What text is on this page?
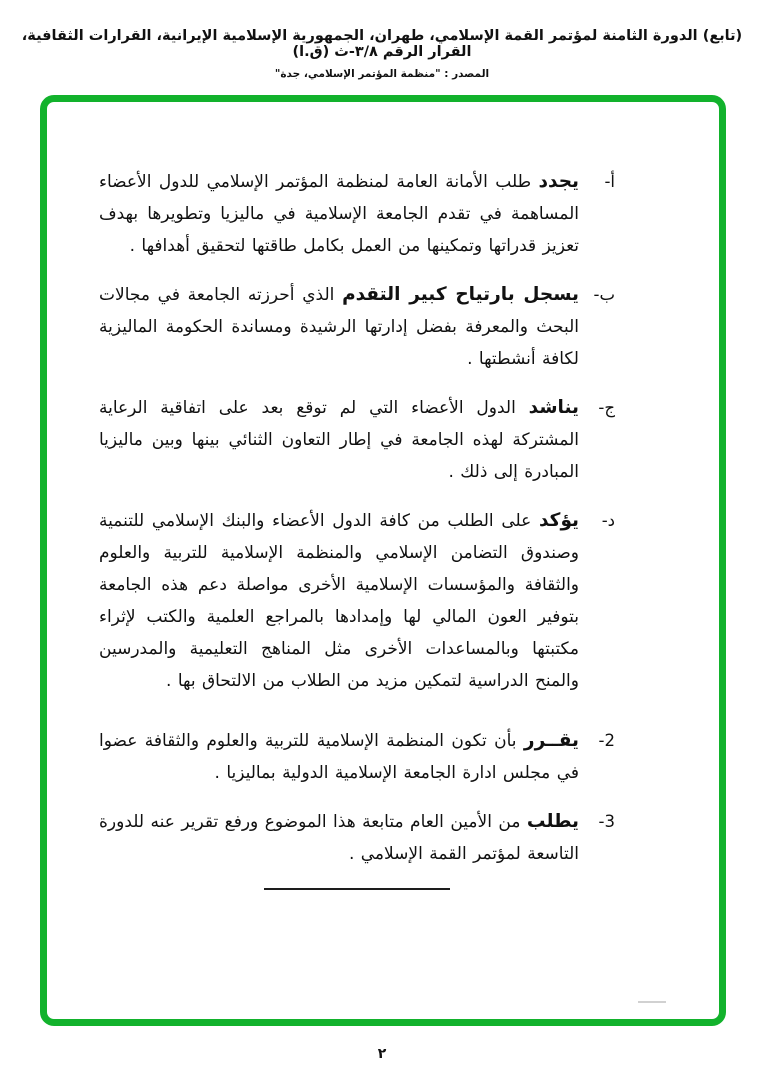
(تابع) الدورة الثامنة لمؤتمر القمة الإسلامي، طهران، الجمهورية الإسلامية الإيرانية، القرارات الثقافية، القرار الرقم ٣/٨-ث (ق.ا)
المصدر : "منظمة المؤتمر الإسلامي، جدة"
أ-
يجدد طلب الأمانة العامة لمنظمة المؤتمر الإسلامي للدول الأعضاء المساهمة في تقدم الجامعة الإسلامية في ماليزيا وتطويرها بهدف تعزيز قدراتها وتمكينها من العمل بكامل طاقتها لتحقيق أهدافها .
ب-
يسجل بارتياح كبير التقدم الذي أحرزته الجامعة في مجالات البحث والمعرفة بفضل إدارتها الرشيدة ومساندة الحكومة الماليزية لكافة أنشطتها .
ج-
يناشد الدول الأعضاء التي لم توقع بعد على اتفاقية الرعاية المشتركة لهذه الجامعة في إطار التعاون الثنائي بينها وبين ماليزيا المبادرة إلى ذلك .
د-
يؤكد على الطلب من كافة الدول الأعضاء والبنك الإسلامي للتنمية وصندوق التضامن الإسلامي والمنظمة الإسلامية للتربية والعلوم والثقافة والمؤسسات الإسلامية الأخرى مواصلة دعم هذه الجامعة بتوفير العون المالي لها وإمدادها بالمراجع العلمية والكتب لإثراء مكتبتها وبالمساعدات الأخرى مثل المناهج التعليمية والمدرسين والمنح الدراسية لتمكين مزيد من الطلاب من الالتحاق بها .
2-
يقــرر بأن تكون المنظمة الإسلامية للتربية والعلوم والثقافة عضوا في مجلس ادارة الجامعة الإسلامية الدولية بماليزيا .
3-
يطلب من الأمين العام متابعة هذا الموضوع ورفع تقرير عنه للدورة التاسعة لمؤتمر القمة الإسلامي .
٢
